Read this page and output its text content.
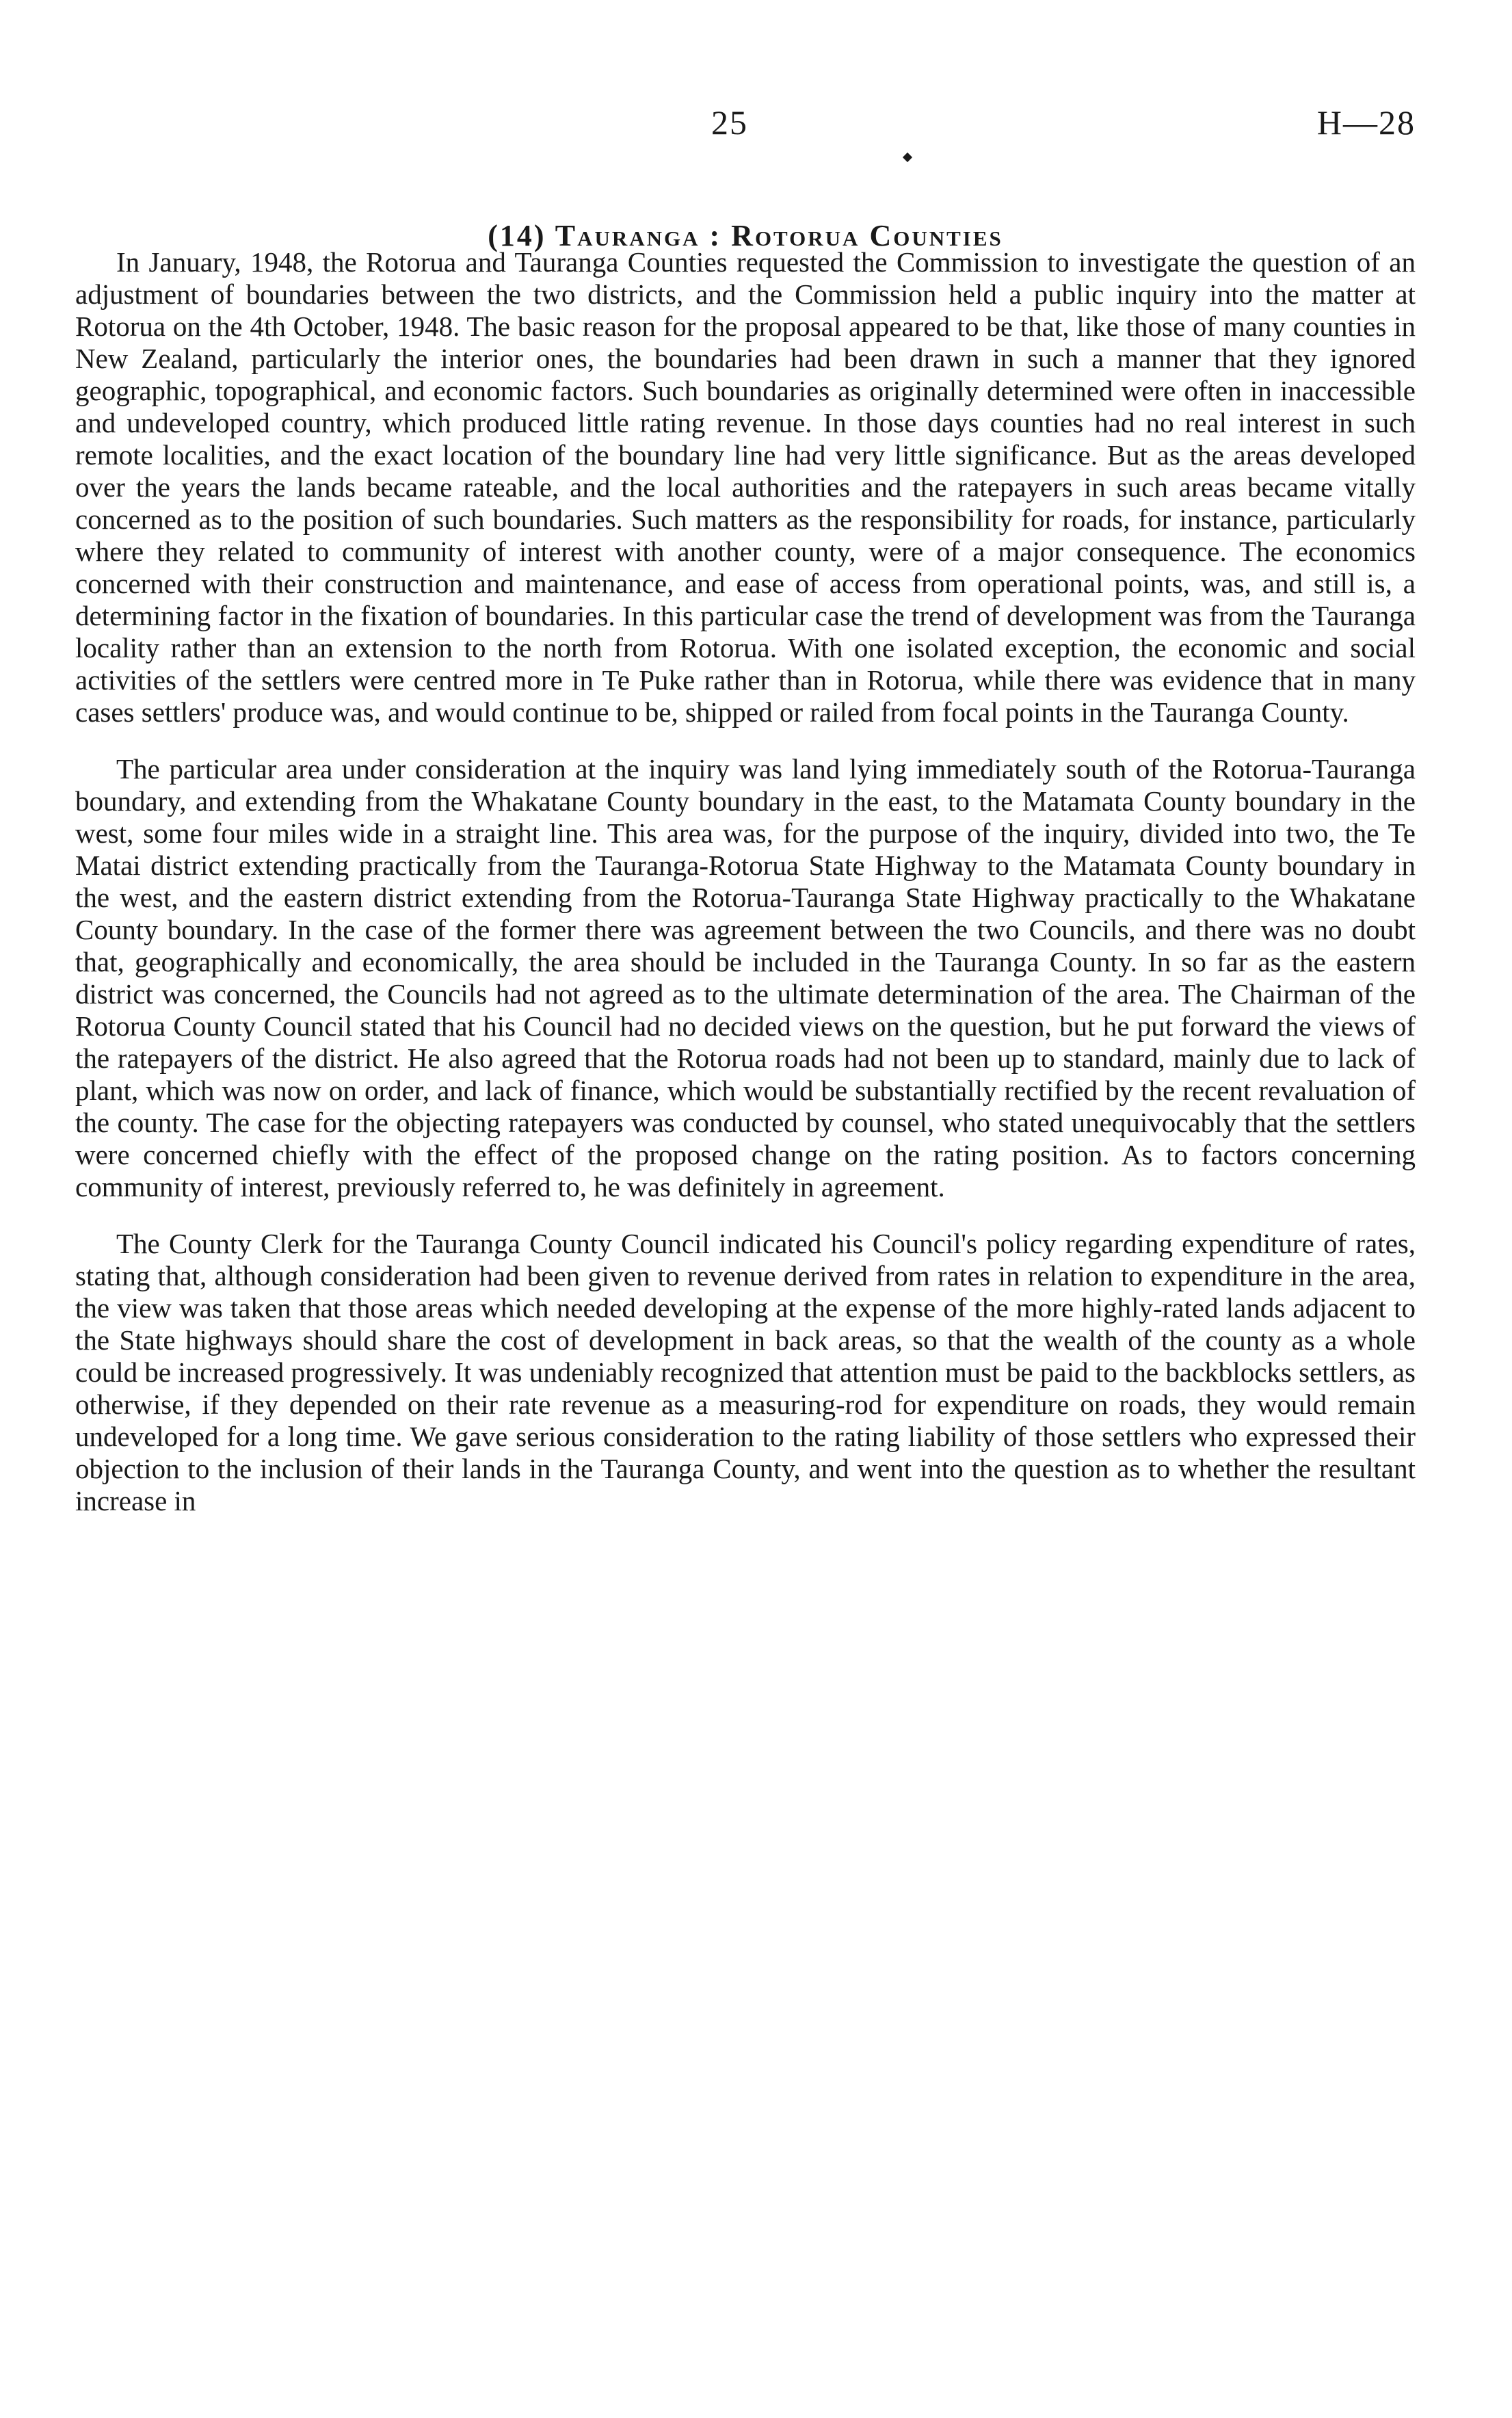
25	H—28
(14) Tauranga : Rotorua Counties

In January, 1948, the Rotorua and Tauranga Counties requested the Commission to investigate the question of an adjustment of boundaries between the two districts, and the Commission held a public inquiry into the matter at Rotorua on the 4th October, 1948. The basic reason for the proposal appeared to be that, like those of many counties in New Zealand, particularly the interior ones, the boundaries had been drawn in such a manner that they ignored geographic, topographical, and economic factors. Such boundaries as originally determined were often in inaccessible and undeveloped country, which produced little rating revenue. In those days counties had no real interest in such remote localities, and the exact location of the boundary line had very little significance. But as the areas developed over the years the lands became rateable, and the local authorities and the ratepayers in such areas became vitally concerned as to the position of such boundaries. Such matters as the responsibility for roads, for instance, particularly where they related to community of interest with another county, were of a major consequence. The economics concerned with their construction and maintenance, and ease of access from operational points, was, and still is, a determining factor in the fixation of boundaries. In this particular case the trend of development was from the Tauranga locality rather than an extension to the north from Rotorua. With one isolated exception, the economic and social activities of the settlers were centred more in Te Puke rather than in Rotorua, while there was evidence that in many cases settlers' produce was, and would continue to be, shipped or railed from focal points in the Tauranga County.

The particular area under consideration at the inquiry was land lying immediately south of the Rotorua-Tauranga boundary, and extending from the Whakatane County boundary in the east, to the Matamata County boundary in the west, some four miles wide in a straight line. This area was, for the purpose of the inquiry, divided into two, the Te Matai district extending practically from the Tauranga-Rotorua State Highway to the Matamata County boundary in the west, and the eastern district extending from the Rotorua-Tauranga State Highway practically to the Whakatane County boundary. In the case of the former there was agreement between the two Councils, and there was no doubt that, geographically and economically, the area should be included in the Tauranga County. In so far as the eastern district was concerned, the Councils had not agreed as to the ultimate determination of the area. The Chairman of the Rotorua County Council stated that his Council had no decided views on the question, but he put forward the views of the ratepayers of the district. He also agreed that the Rotorua roads had not been up to standard, mainly due to lack of plant, which was now on order, and lack of finance, which would be substantially rectified by the recent revaluation of the county. The case for the objecting ratepayers was conducted by counsel, who stated unequivocably that the settlers were concerned chiefly with the effect of the proposed change on the rating position. As to factors concerning community of interest, previously referred to, he was definitely in agreement.

The County Clerk for the Tauranga County Council indicated his Council's policy regarding expenditure of rates, stating that, although consideration had been given to revenue derived from rates in relation to expenditure in the area, the view was taken that those areas which needed developing at the expense of the more highly-rated lands adjacent to the State highways should share the cost of development in back areas, so that the wealth of the county as a whole could be increased progressively. It was undeniably recognized that attention must be paid to the backblocks settlers, as otherwise, if they depended on their rate revenue as a measuring-rod for expenditure on roads, they would remain undeveloped for a long time. We gave serious consideration to the rating liability of those settlers who expressed their objection to the inclusion of their lands in the Tauranga County, and went into the question as to whether the resultant increase in
